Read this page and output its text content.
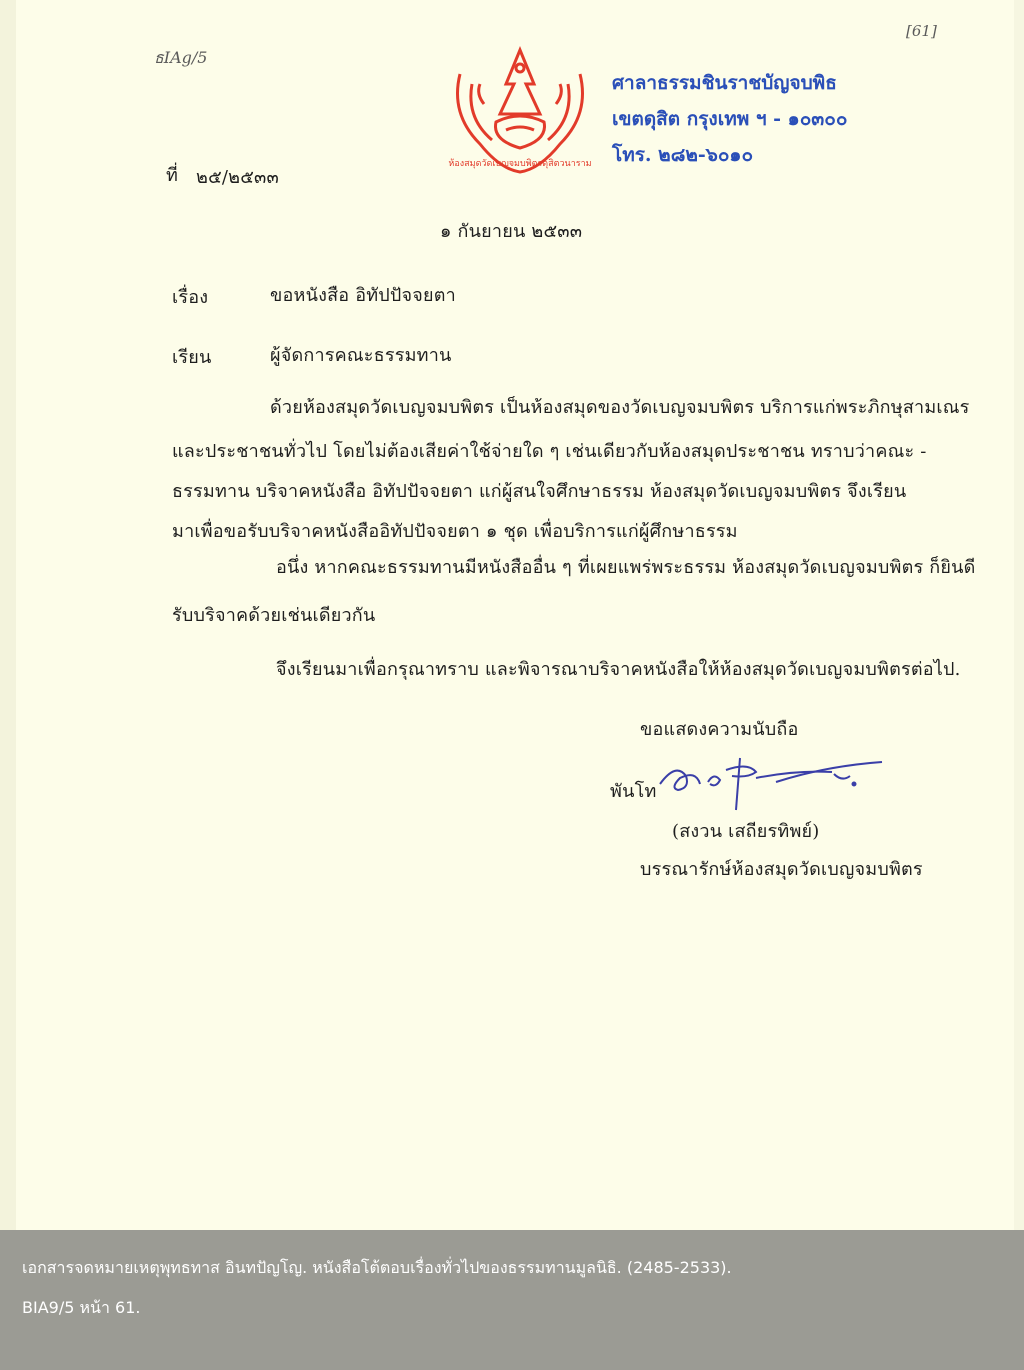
ธIAg/5
[61]
ห้องสมุดวัดเบญจมบพิตรดุสิตวนาราม
ศาลาธรรมชินราชบัญจบพิธ
เขตดุสิต กรุงเทพ ฯ - ๑๐๓๐๐
โทร. ๒๘๒-๖๐๑๐
ที่ ๒๕/๒๕๓๓
๑ กันยายน ๒๕๓๓
เรื่อง	ขอหนังสือ อิทัปปัจจยตา
เรียน	ผู้จัดการคณะธรรมทาน
ด้วยห้องสมุดวัดเบญจมบพิตร เป็นห้องสมุดของวัดเบญจมบพิตร บริการแก่พระภิกษุสามเณร
และประชาชนทั่วไป โดยไม่ต้องเสียค่าใช้จ่ายใด ๆ เช่นเดียวกับห้องสมุดประชาชน ทราบว่าคณะ -
ธรรมทาน บริจาคหนังสือ อิทัปปัจจยตา แก่ผู้สนใจศึกษาธรรม ห้องสมุดวัดเบญจมบพิตร จึงเรียน
มาเพื่อขอรับบริจาคหนังสืออิทัปปัจจยตา ๑ ชุด เพื่อบริการแก่ผู้ศึกษาธรรม
อนึ่ง หากคณะธรรมทานมีหนังสืออื่น ๆ ที่เผยแพร่พระธรรม ห้องสมุดวัดเบญจมบพิตร ก็ยินดี
รับบริจาคด้วยเช่นเดียวกัน
จึงเรียนมาเพื่อกรุณาทราบ และพิจารณาบริจาคหนังสือให้ห้องสมุดวัดเบญจมบพิตรต่อไป.
ขอแสดงความนับถือ
พันโท
(สงวน เสถียรทิพย์)
บรรณารักษ์ห้องสมุดวัดเบญจมบพิตร
เอกสารจดหมายเหตุพุทธทาส อินทปัญโญ. หนังสือโต้ตอบเรื่องทั่วไปของธรรมทานมูลนิธิ. (2485-2533).
BIA9/5 หน้า 61.
